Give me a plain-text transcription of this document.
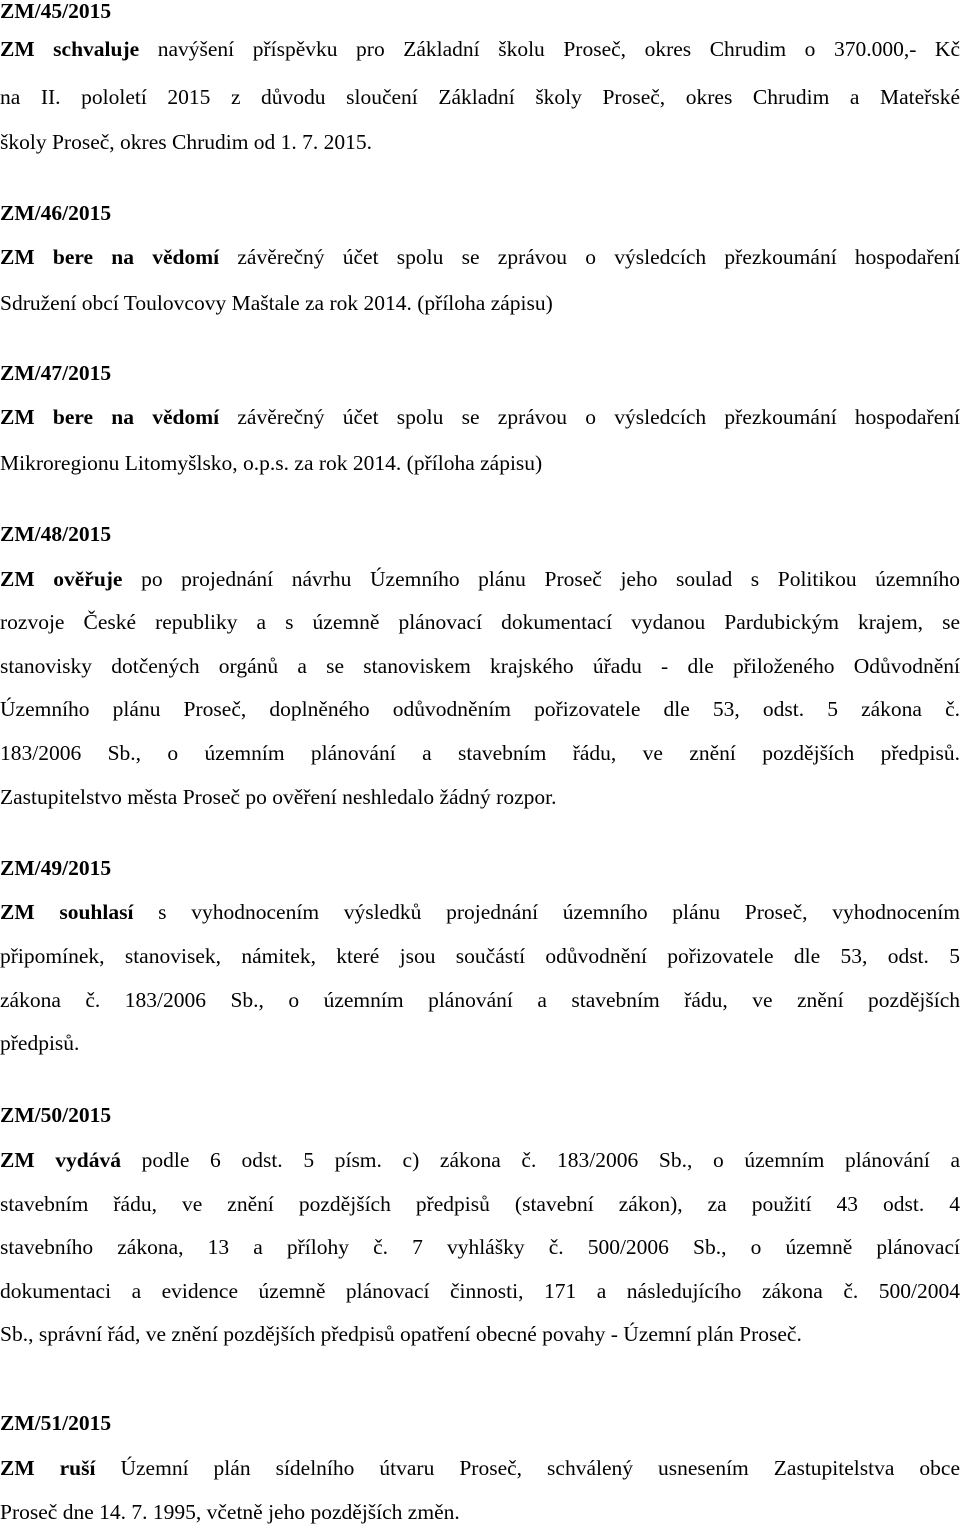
ZM/45/2015
ZM schvaluje navýšení příspěvku pro Základní školu Proseč, okres Chrudim o 370.000,- Kč
na II. pololetí 2015 z důvodu sloučení Základní školy Proseč, okres Chrudim a Mateřské
školy Proseč, okres Chrudim od 1. 7. 2015.
ZM/46/2015
ZM bere na vědomí závěrečný účet spolu se zprávou o výsledcích přezkoumání hospodaření
Sdružení obcí Toulovcovy Maštale za rok 2014. (příloha zápisu)
ZM/47/2015
ZM bere na vědomí závěrečný účet spolu se zprávou o výsledcích přezkoumání hospodaření
Mikroregionu Litomyšlsko, o.p.s. za rok 2014. (příloha zápisu)
ZM/48/2015
ZM ověřuje po projednání návrhu Územního plánu Proseč jeho soulad s Politikou územního
rozvoje České republiky a s územně plánovací dokumentací vydanou Pardubickým krajem, se
stanovisky dotčených orgánů a se stanoviskem krajského úřadu - dle přiloženého Odůvodnění
Územního plánu Proseč, doplněného odůvodněním pořizovatele dle 53, odst. 5 zákona č.
183/2006 Sb., o územním plánování a stavebním řádu, ve znění pozdějších předpisů.
Zastupitelstvo města Proseč po ověření neshledalo žádný rozpor.
ZM/49/2015
ZM souhlasí s vyhodnocením výsledků projednání územního plánu Proseč, vyhodnocením
připomínek, stanovisek, námitek, které jsou součástí odůvodnění pořizovatele dle 53, odst. 5
zákona č. 183/2006 Sb., o územním plánování a stavebním řádu, ve znění pozdějších
předpisů.
ZM/50/2015
ZM vydává podle 6 odst. 5 písm. c) zákona č. 183/2006 Sb., o územním plánování a
stavebním řádu, ve znění pozdějších předpisů (stavební zákon), za použití 43 odst. 4
stavebního zákona, 13 a přílohy č. 7 vyhlášky č. 500/2006 Sb., o územně plánovací
dokumentaci a evidence územně plánovací činnosti, 171 a následujícího zákona č. 500/2004
Sb., správní řád, ve znění pozdějších předpisů opatření obecné povahy - Územní plán Proseč.
ZM/51/2015
ZM ruší Územní plán sídelního útvaru Proseč, schválený usnesením Zastupitelstva obce
Proseč dne 14. 7. 1995, včetně jeho pozdějších změn.
